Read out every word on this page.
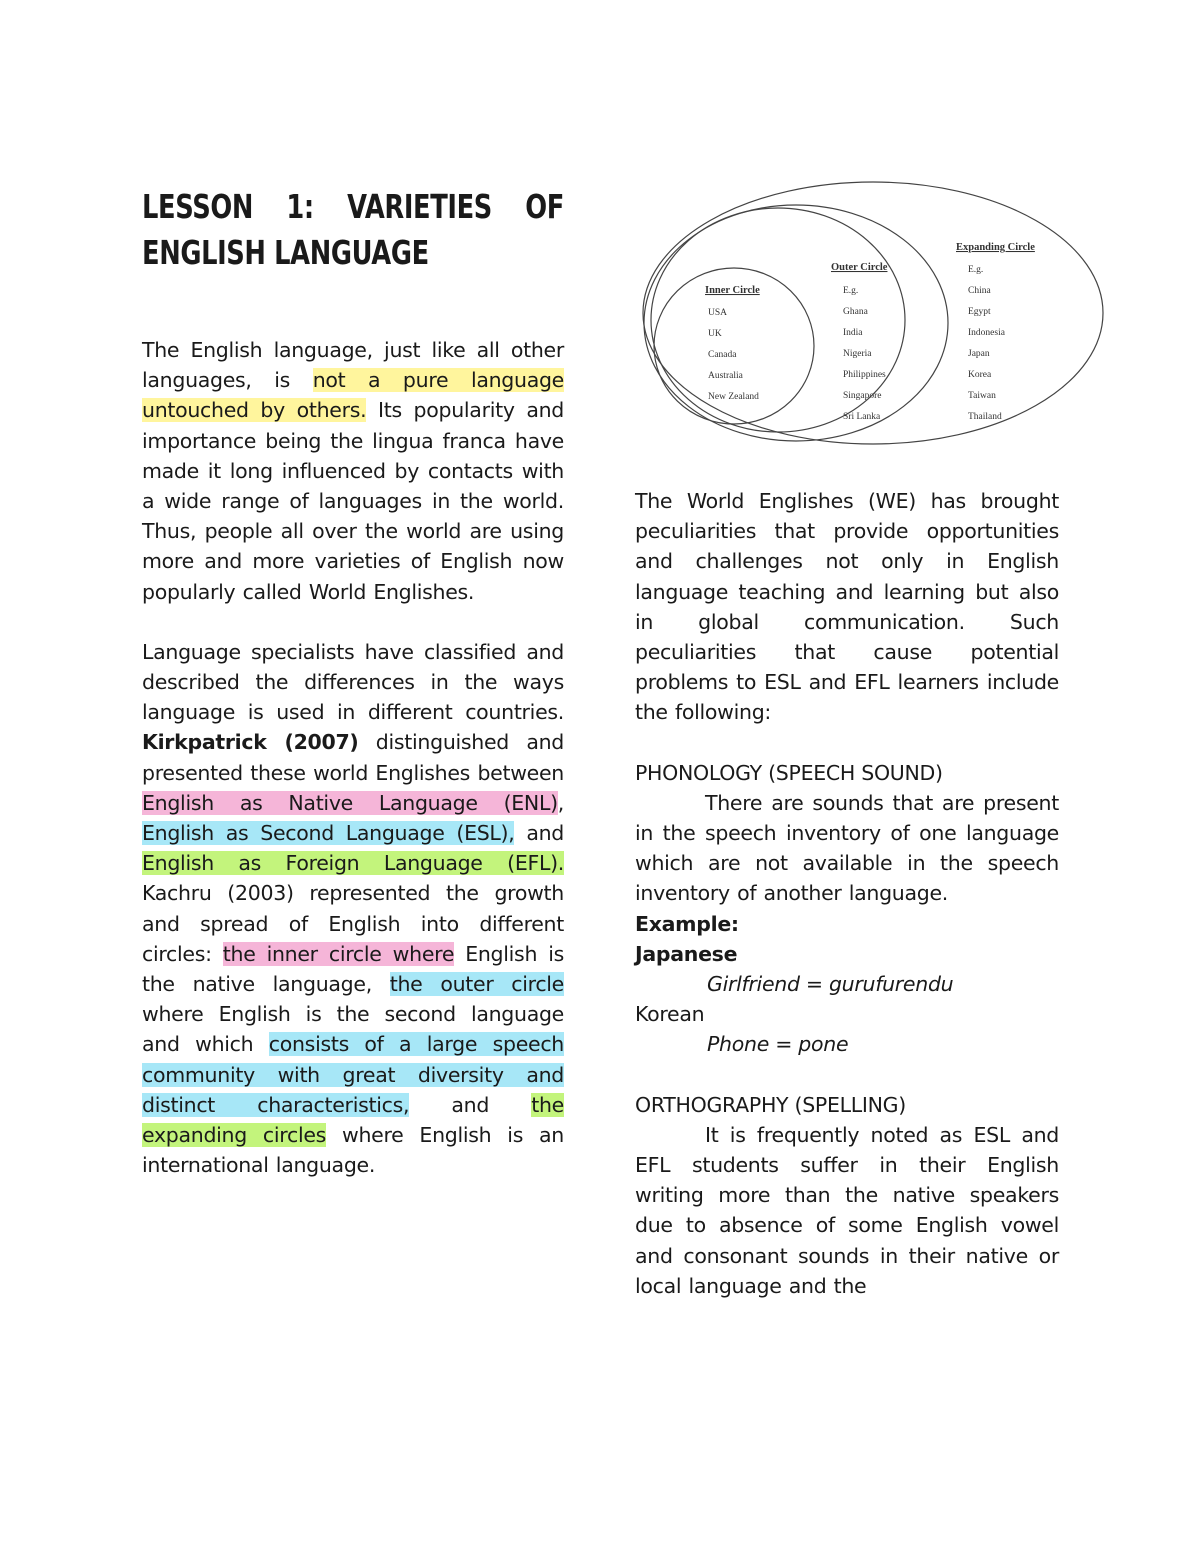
LESSON 1: VARIETIES OF ENGLISH LANGUAGE

The English language, just like all other languages, is not a pure language untouched by others. Its popularity and importance being the lingua franca have made it long influenced by contacts with a wide range of languages in the world. Thus, people all over the world are using more and more varieties of English now popularly called World Englishes.

Language specialists have classified and described the differences in the ways language is used in different countries. Kirkpatrick (2007) distinguished and presented these world Englishes between English as Native Language (ENL), English as Second Language (ESL), and English as Foreign Language (EFL). Kachru (2003) represented the growth and spread of English into different circles: the inner circle where English is the native language, the outer circle where English is the second language and which consists of a large speech community with great diversity and distinct characteristics, and the expanding circles where English is an international language.

Expanding Circle
Outer Circle
Inner Circle
E.g.
China
Egypt
Indonesia
Japan
Korea
Taiwan
Thailand
E.g.
Ghana
India
Nigeria
Philippines
Singapore
Sri Lanka
USA
UK
Canada
Australia
New Zealand

The World Englishes (WE) has brought peculiarities that provide opportunities and challenges not only in English language teaching and learning but also in global communication. Such peculiarities that cause potential problems to ESL and EFL learners include the following:

PHONOLOGY (SPEECH SOUND)

There are sounds that are present in the speech inventory of one language which are not available in the speech inventory of another language.

Example:

Japanese

Girlfriend = gurufurendu

Korean

Phone = pone

ORTHOGRAPHY (SPELLING)

It is frequently noted as ESL and EFL students suffer in their English writing more than the native speakers due to absence of some English vowel and consonant sounds in their native or local language and the
